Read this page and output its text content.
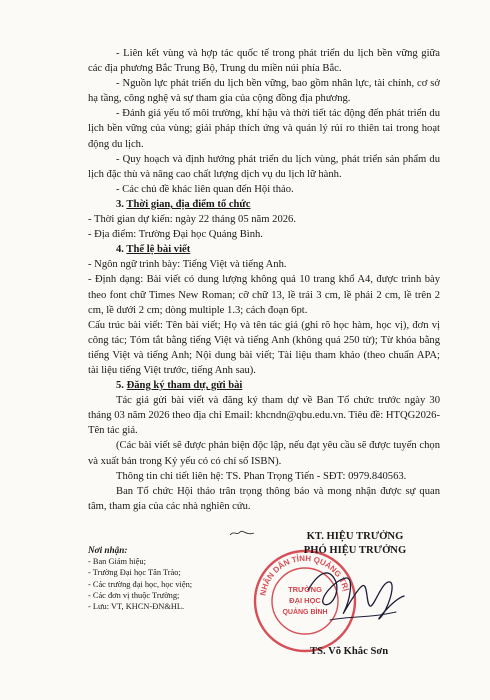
- Liên kết vùng và hợp tác quốc tế trong phát triển du lịch bền vững giữa các địa phương Bắc Trung Bộ, Trung du miền núi phía Bắc.

- Nguồn lực phát triển du lịch bền vững, bao gồm nhân lực, tài chính, cơ sở hạ tầng, công nghệ và sự tham gia của cộng đồng địa phương.

- Đánh giá yếu tố môi trường, khí hậu và thời tiết tác động đến phát triển du lịch bền vững của vùng; giải pháp thích ứng và quản lý rủi ro thiên tai trong hoạt động du lịch.

- Quy hoạch và định hướng phát triển du lịch vùng, phát triển sản phẩm du lịch đặc thù và nâng cao chất lượng dịch vụ du lịch lữ hành.

- Các chủ đề khác liên quan đến Hội thảo.

3. Thời gian, địa điểm tổ chức

- Thời gian dự kiến: ngày 22 tháng 05 năm 2026.

- Địa điểm: Trường Đại học Quảng Bình.

4. Thể lệ bài viết

- Ngôn ngữ trình bày: Tiếng Việt và tiếng Anh.

- Định dạng: Bài viết có dung lượng không quá 10 trang khổ A4, được trình bày theo font chữ Times New Roman; cỡ chữ 13, lề trái 3 cm, lề phải 2 cm, lề trên 2 cm, lề dưới 2 cm; dòng multiple 1.3; cách đoạn 6pt.

Cấu trúc bài viết: Tên bài viết; Họ và tên tác giả (ghi rõ học hàm, học vị), đơn vị công tác; Tóm tắt bằng tiếng Việt và tiếng Anh (không quá 250 từ); Từ khóa bằng tiếng Việt và tiếng Anh; Nội dung bài viết; Tài liệu tham khảo (theo chuẩn APA; tài liệu tiếng Việt trước, tiếng Anh sau).

5. Đăng ký tham dự, gửi bài

Tác giả gửi bài viết và đăng ký tham dự về Ban Tổ chức trước ngày 30 tháng 03 năm 2026 theo địa chỉ Email: khcndn@qbu.edu.vn. Tiêu đề: HTQG2026-Tên tác giả.

(Các bài viết sẽ được phản biện độc lập, nếu đạt yêu cầu sẽ được tuyển chọn và xuất bản trong Kỷ yếu có có chỉ số ISBN).

Thông tin chi tiết liên hệ: TS. Phan Trọng Tiến - SĐT: 0979.840563.

Ban Tổ chức Hội thảo trân trọng thông báo và mong nhận được sự quan tâm, tham gia của các nhà nghiên cứu.

Nơi nhận:
- Ban Giám hiệu;
- Trường Đại học Tân Trào;
- Các trường đại học, học viện;
- Các đơn vị thuộc Trường;
- Lưu: VT, KHCN-ĐN&HL.
NHÂN DÂN TỈNH QUẢNG TRỊ
TRƯỜNG
ĐẠI HỌC
QUẢNG BÌNH
KT. HIỆU TRƯỞNG
PHÓ HIỆU TRƯỞNG
TS. Võ Khắc Sơn
